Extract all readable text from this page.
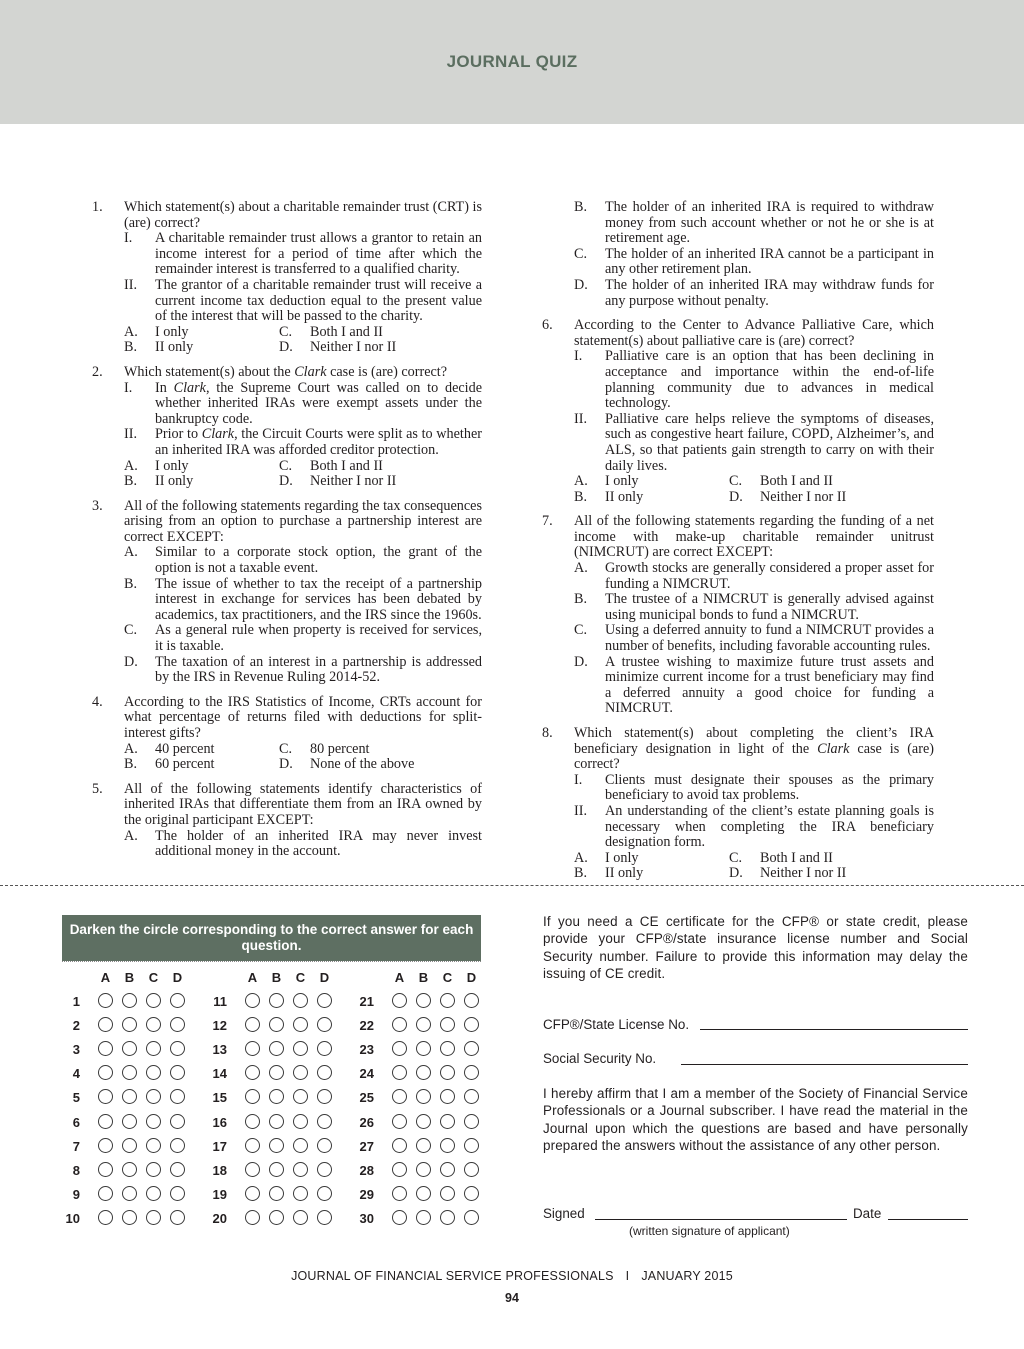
JOURNAL QUIZ
1. Which statement(s) about a charitable remainder trust (CRT) is (are) correct?
I. A charitable remainder trust allows a grantor to retain an income interest for a period of time after which the remainder interest is transferred to a qualified charity.
II. The grantor of a charitable remainder trust will receive a current income tax deduction equal to the present value of the interest that will be passed to the charity.
A. I only	C. Both I and II
B. II only	D. Neither I nor II
2. Which statement(s) about the Clark case is (are) correct?
I. In Clark, the Supreme Court was called on to decide whether inherited IRAs were exempt assets under the bankruptcy code.
II. Prior to Clark, the Circuit Courts were split as to whether an inherited IRA was afforded creditor protection.
A. I only	C. Both I and II
B. II only	D. Neither I nor II
3. All of the following statements regarding the tax consequences arising from an option to purchase a partnership interest are correct EXCEPT:
A. Similar to a corporate stock option, the grant of the option is not a taxable event.
B. The issue of whether to tax the receipt of a partnership interest in exchange for services has been debated by academics, tax practitioners, and the IRS since the 1960s.
C. As a general rule when property is received for services, it is taxable.
D. The taxation of an interest in a partnership is addressed by the IRS in Revenue Ruling 2014-52.
4. According to the IRS Statistics of Income, CRTs account for what percentage of returns filed with deductions for split-interest gifts?
A. 40 percent	C. 80 percent
B. 60 percent	D. None of the above
5. All of the following statements identify characteristics of inherited IRAs that differentiate them from an IRA owned by the original participant EXCEPT:
A. The holder of an inherited IRA may never invest additional money in the account.
B. The holder of an inherited IRA is required to withdraw money from such account whether or not he or she is at retirement age.
C. The holder of an inherited IRA cannot be a participant in any other retirement plan.
D. The holder of an inherited IRA may withdraw funds for any purpose without penalty.
6. According to the Center to Advance Palliative Care, which statement(s) about palliative care is (are) correct?
I. Palliative care is an option that has been declining in acceptance and importance within the end-of-life planning community due to advances in medical technology.
II. Palliative care helps relieve the symptoms of diseases, such as congestive heart failure, COPD, Alzheimer’s, and ALS, so that patients gain strength to carry on with their daily lives.
A. I only	C. Both I and II
B. II only	D. Neither I nor II
7. All of the following statements regarding the funding of a net income with make-up charitable remainder unitrust (NIMCRUT) are correct EXCEPT:
A. Growth stocks are generally considered a proper asset for funding a NIMCRUT.
B. The trustee of a NIMCRUT is generally advised against using municipal bonds to fund a NIMCRUT.
C. Using a deferred annuity to fund a NIMCRUT provides a number of benefits, including favorable accounting rules.
D. A trustee wishing to maximize future trust assets and minimize current income for a trust beneficiary may find a deferred annuity a good choice for funding a NIMCRUT.
8. Which statement(s) about completing the client’s IRA beneficiary designation in light of the Clark case is (are) correct?
I. Clients must designate their spouses as the primary beneficiary to avoid tax problems.
II. An understanding of the client’s estate planning goals is necessary when completing the IRA beneficiary designation form.
A. I only	C. Both I and II
B. II only	D. Neither I nor II
Darken the circle corresponding to the correct answer for each question.
A B C D
1
2
3
4
5
6
7
8
9
10
A B C D
11
12
13
14
15
16
17
18
19
20
A B C D
21
22
23
24
25
26
27
28
29
30

If you need a CE certificate for the CFP® or state credit, please provide your CFP®/state insurance license number and Social Security number. Failure to provide this information may delay the issuing of CE credit.

CFP®/State License No.
Social Security No.

I hereby affirm that I am a member of the Society of Financial Service Professionals or a Journal subscriber. I have read the material in the Journal upon which the questions are based and have personally prepared the answers without the assistance of any other person.

Signed	Date
(written signature of applicant)
JOURNAL OF FINANCIAL SERVICE PROFESSIONALS I JANUARY 2015
94
